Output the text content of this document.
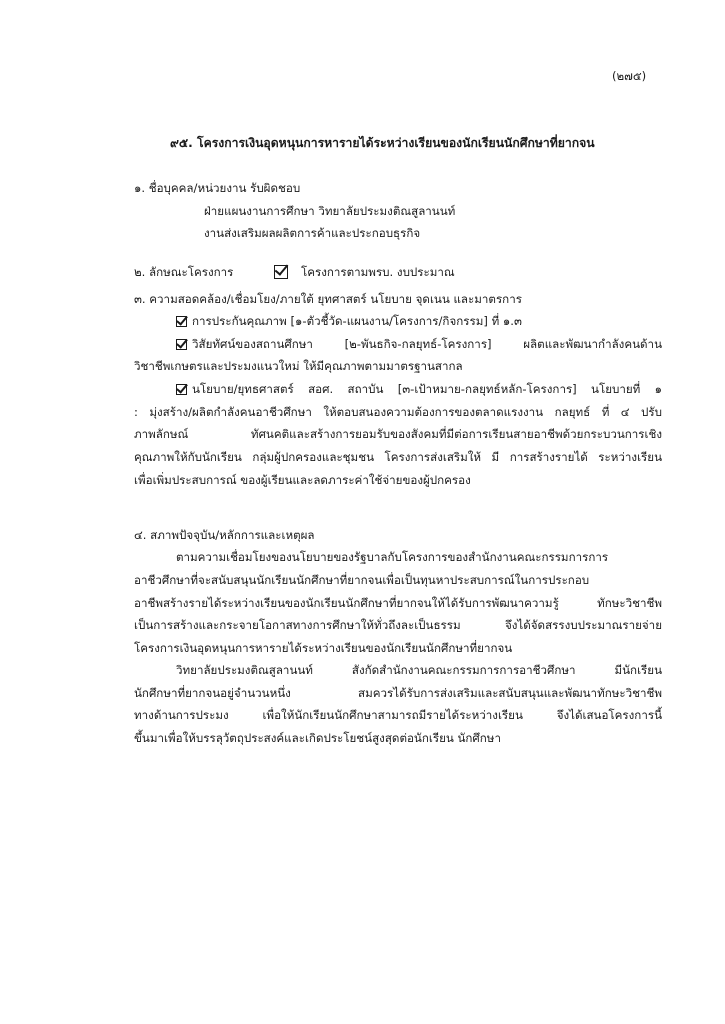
(๒๗๕)
๙๕. โครงการเงินอุดหนุนการหารายได้ระหว่างเรียนของนักเรียนนักศึกษาที่ยากจน
๑. ชื่อบุคคล/หน่วยงาน รับผิดชอบ
ฝ่ายแผนงานการศึกษา วิทยาลัยประมงติณสูลานนท์
งานส่งเสริมผลผลิตการค้าและประกอบธุรกิจ
๒. ลักษณะโครงการ	โครงการตามพรบ. งบประมาณ
๓. ความสอดคล้อง/เชื่อมโยง/ภายใต้ ยุทศาสตร์ นโยบาย จุดเนน และมาตรการ
การประกันคุณภาพ [๑-ตัวชี้วัด-แผนงาน/โครงการ/กิจกรรม] ที่ ๑.๓
วิสัยทัศน์ของสถานศึกษา [๒-พันธกิจ-กลยุทธ์-โครงการ] ผลิตและพัฒนากำลังคนด้าน
วิชาชีพเกษตรและประมงแนวใหม่ ให้มีคุณภาพตามมาตรฐานสากล
นโยบาย/ยุทธศาสตร์ สอศ. สถาบัน [๓-เป้าหมาย-กลยุทธ์หลัก-โครงการ] นโยบายที่ ๑
: มุ่งสร้าง/ผลิตกำลังคนอาชีวศึกษา ให้ตอบสนองความต้องการของตลาดแรงงาน กลยุทธ์ ที่ ๔ ปรับ
ภาพลักษณ์ ทัศนคติและสร้างการยอมรับของสังคมที่มีต่อการเรียนสายอาชีพด้วยกระบวนการเชิง
คุณภาพให้กับนักเรียน กลุ่มผู้ปกครองและชุมชน โครงการส่งเสริมให้ มี การสร้างรายได้ ระหว่างเรียน
เพื่อเพิ่มประสบการณ์ ของผู้เรียนและลดภาระค่าใช้จ่ายของผู้ปกครอง
๔. สภาพปัจจุบัน/หลักการและเหตุผล
ตามความเชื่อมโยงของนโยบายของรัฐบาลกับโครงการของสำนักงานคณะกรรมการการ
อาชีวศึกษาที่จะสนับสนุนนักเรียนนักศึกษาที่ยากจนเพื่อเป็นทุนหาประสบการณ์ในการประกอบ
อาชีพสร้างรายได้ระหว่างเรียนของนักเรียนนักศึกษาที่ยากจนให้ได้รับการพัฒนาความรู้ ทักษะวิชาชีพ
เป็นการสร้างและกระจายโอกาสทางการศึกษาให้ทั่วถึงละเป็นธรรม จึงได้จัดสรรงบประมาณรายจ่าย
โครงการเงินอุดหนุนการหารายได้ระหว่างเรียนของนักเรียนนักศึกษาที่ยากจน
วิทยาลัยประมงติณสูลานนท์ สังกัดสำนักงานคณะกรรมการการอาชีวศึกษา มีนักเรียน
นักศึกษาที่ยากจนอยู่จำนวนหนึ่ง สมควรได้รับการส่งเสริมและสนับสนุนและพัฒนาทักษะวิชาชีพ
ทางด้านการประมง เพื่อให้นักเรียนนักศึกษาสามารถมีรายได้ระหว่างเรียน จึงได้เสนอโครงการนี้
ขึ้นมาเพื่อให้บรรลุวัตถุประสงค์และเกิดประโยชน์สูงสุดต่อนักเรียน นักศึกษา
